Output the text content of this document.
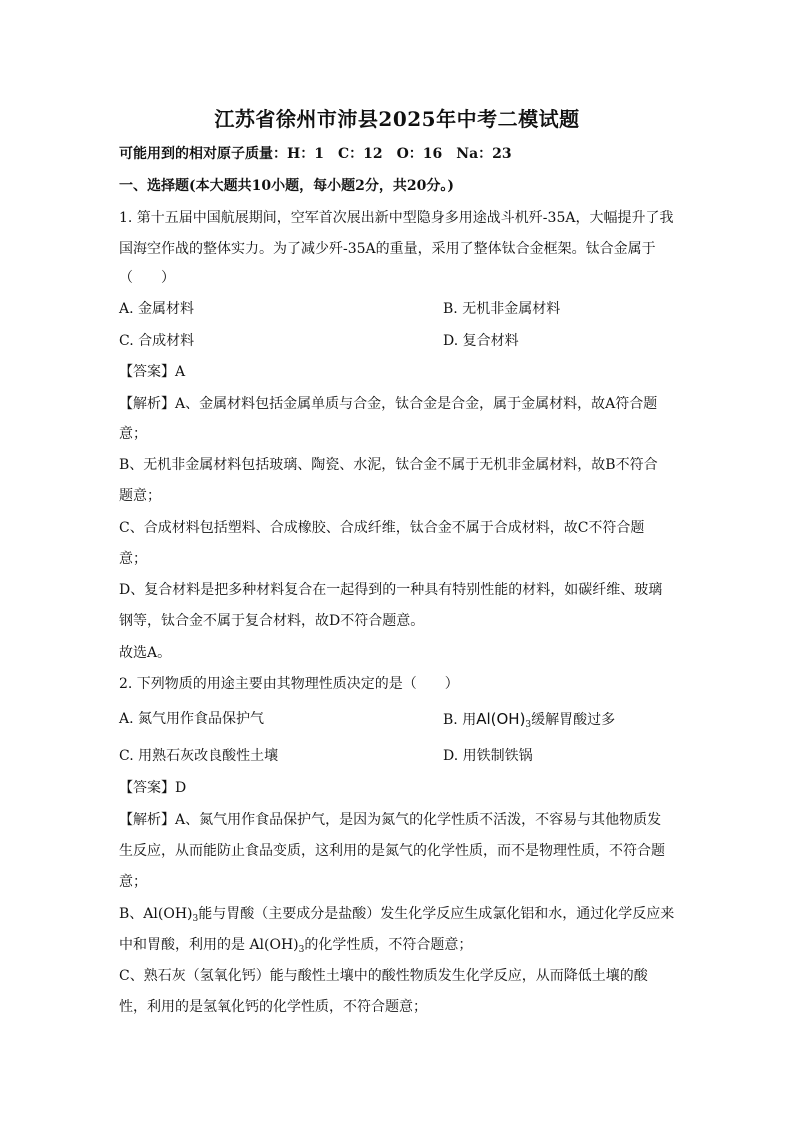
江苏省徐州市沛县2025年中考二模试题
可能用到的相对原子质量：H：1　C：12　O：16　Na：23
一、选择题(本大题共10小题，每小题2分，共20分。)
1. 第十五届中国航展期间，空军首次展出新中型隐身多用途战斗机歼-35A，大幅提升了我
国海空作战的整体实力。为了减少歼-35A的重量，采用了整体钛合金框架。钛合金属于
（　　）
A. 金属材料	B. 无机非金属材料
C. 合成材料	D. 复合材料
【答案】A
【解析】A、金属材料包括金属单质与合金，钛合金是合金，属于金属材料，故A符合题
意；
B、无机非金属材料包括玻璃、陶瓷、水泥，钛合金不属于无机非金属材料，故B不符合
题意；
C、合成材料包括塑料、合成橡胶、合成纤维，钛合金不属于合成材料，故C不符合题
意；
D、复合材料是把多种材料复合在一起得到的一种具有特别性能的材料，如碳纤维、玻璃
钢等，钛合金不属于复合材料，故D不符合题意。
故选A。
2. 下列物质的用途主要由其物理性质决定的是（　　）
A. 氮气用作食品保护气	B. 用$Al(OH)_3$缓解胃酸过多
C. 用熟石灰改良酸性土壤	D. 用铁制铁锅
【答案】D
【解析】A、氮气用作食品保护气，是因为氮气的化学性质不活泼，不容易与其他物质发
生反应，从而能防止食品变质，这利用的是氮气的化学性质，而不是物理性质，不符合题
意；
B、$Al(OH)_3$能与胃酸（主要成分是盐酸）发生化学反应生成氯化铝和水，通过化学反应来
中和胃酸，利用的是 $Al(OH)_3$的化学性质，不符合题意；
C、熟石灰（氢氧化钙）能与酸性土壤中的酸性物质发生化学反应，从而降低土壤的酸
性，利用的是氢氧化钙的化学性质，不符合题意；
